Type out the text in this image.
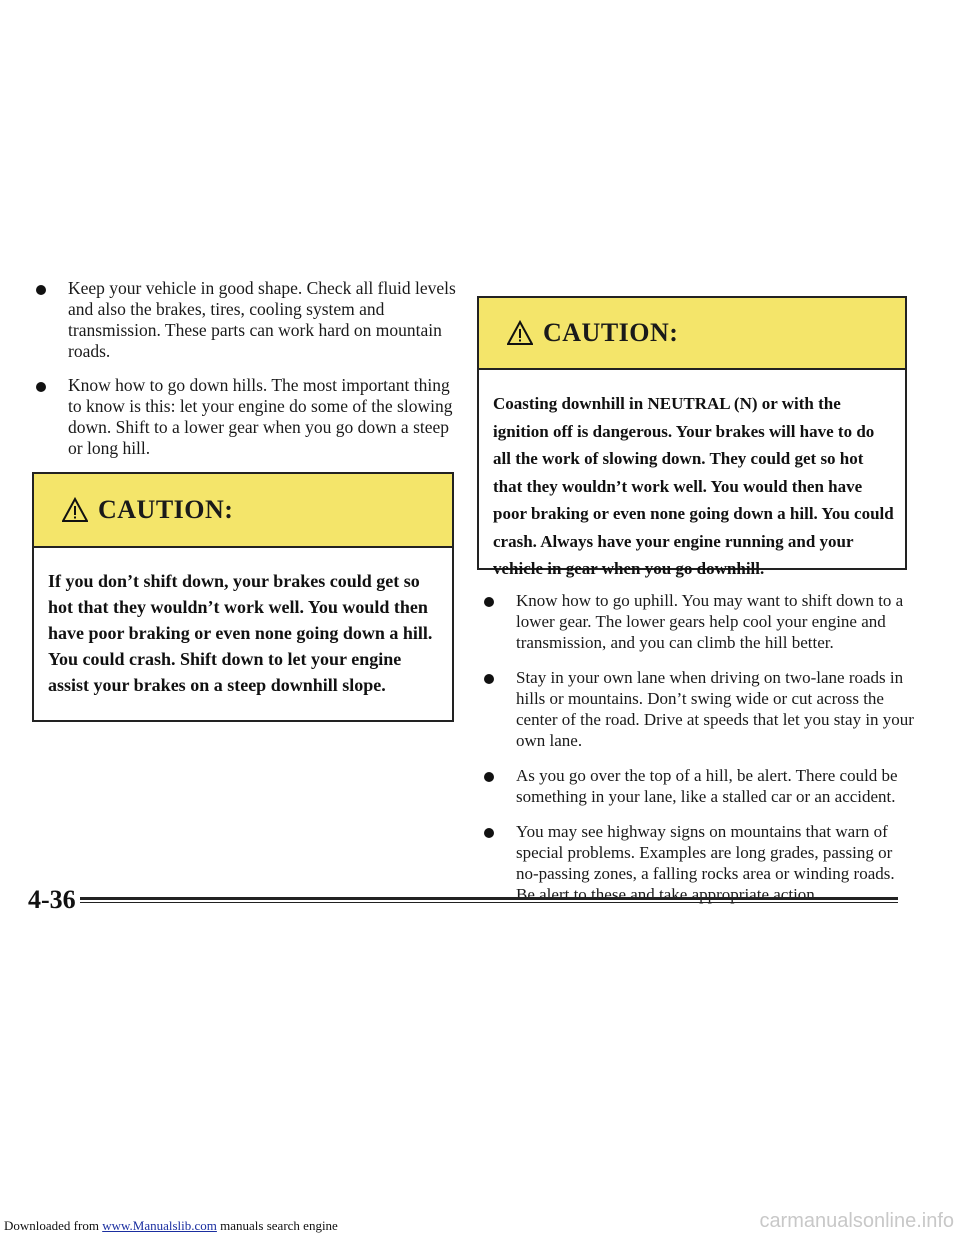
Keep your vehicle in good shape. Check all fluid levels and also the brakes, tires, cooling system and transmission. These parts can work hard on mountain roads.
Know how to go down hills. The most important thing to know is this: let your engine do some of the slowing down. Shift to a lower gear when you go down a steep or long hill.
CAUTION:
If you don’t shift down, your brakes could get so hot that they wouldn’t work well. You would then have poor braking or even none going down a hill. You could crash. Shift down to let your engine assist your brakes on a steep downhill slope.
CAUTION:
Coasting downhill in NEUTRAL (N) or with the ignition off is dangerous. Your brakes will have to do all the work of slowing down. They could get so hot that they wouldn’t work well. You would then have poor braking or even none going down a hill. You could crash. Always have your engine running and your vehicle in gear when you go downhill.
Know how to go uphill. You may want to shift down to a lower gear. The lower gears help cool your engine and transmission, and you can climb the hill better.
Stay in your own lane when driving on two-lane roads in hills or mountains. Don’t swing wide or cut across the center of the road. Drive at speeds that let you stay in your own lane.
As you go over the top of a hill, be alert. There could be something in your lane, like a stalled car or an accident.
You may see highway signs on mountains that warn of special problems. Examples are long grades, passing or no-passing zones, a falling rocks area or winding roads. Be alert to these and take appropriate action.
4-36
Downloaded from www.Manualslib.com manuals search engine	carmanualsonline.info
